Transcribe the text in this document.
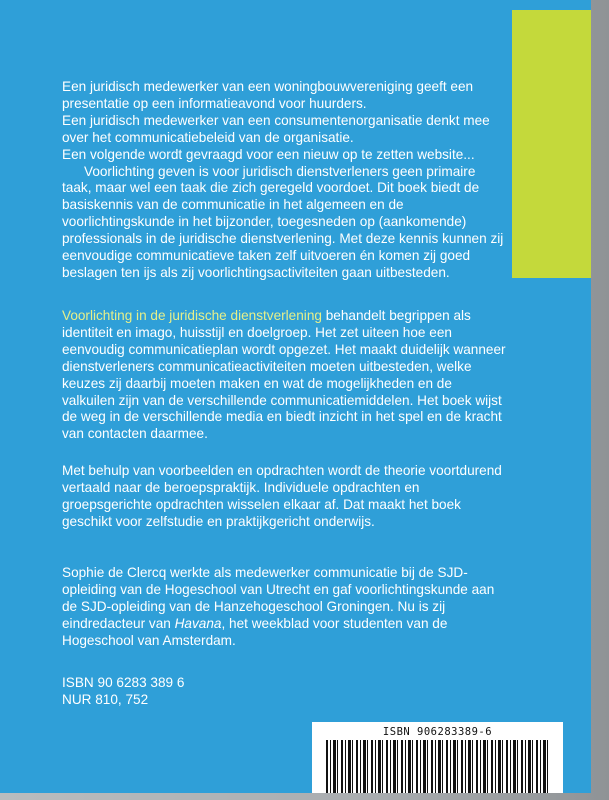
Een juridisch medewerker van een woningbouwvereniging geeft een presentatie op een informatieavond voor huurders.

Een juridisch medewerker van een consumentenorganisatie denkt mee over het communicatiebeleid van de organisatie.

Een volgende wordt gevraagd voor een nieuw op te zetten website...

Voorlichting geven is voor juridisch dienstverleners geen primaire taak, maar wel een taak die zich geregeld voordoet. Dit boek biedt de basiskennis van de communicatie in het algemeen en de voorlichtingskunde in het bijzonder, toegesneden op (aankomende) professionals in de juridische dienstverlening. Met deze kennis kunnen zij eenvoudige communicatieve taken zelf uitvoeren én komen zij goed beslagen ten ijs als zij voorlichtingsactiviteiten gaan uitbesteden.

Voorlichting in de juridische dienstverlening behandelt begrippen als identiteit en imago, huisstijl en doelgroep. Het zet uiteen hoe een eenvoudig communicatieplan wordt opgezet. Het maakt duidelijk wanneer dienstverleners communicatieactiviteiten moeten uitbesteden, welke keuzes zij daarbij moeten maken en wat de mogelijkheden en de valkuilen zijn van de verschillende communicatiemiddelen. Het boek wijst de weg in de verschillende media en biedt inzicht in het spel en de kracht van contacten daarmee.

Met behulp van voorbeelden en opdrachten wordt de theorie voortdurend vertaald naar de beroepspraktijk. Individuele opdrachten en groepsgerichte opdrachten wisselen elkaar af. Dat maakt het boek geschikt voor zelfstudie en praktijkgericht onderwijs.

Sophie de Clercq werkte als medewerker communicatie bij de SJD-opleiding van de Hogeschool van Utrecht en gaf voorlichtingskunde aan de SJD-opleiding van de Hanzehogeschool Groningen. Nu is zij eindredacteur van Havana, het weekblad voor studenten van de Hogeschool van Amsterdam.

ISBN 90 6283 389 6

NUR 810, 752

ISBN 906283389-6
